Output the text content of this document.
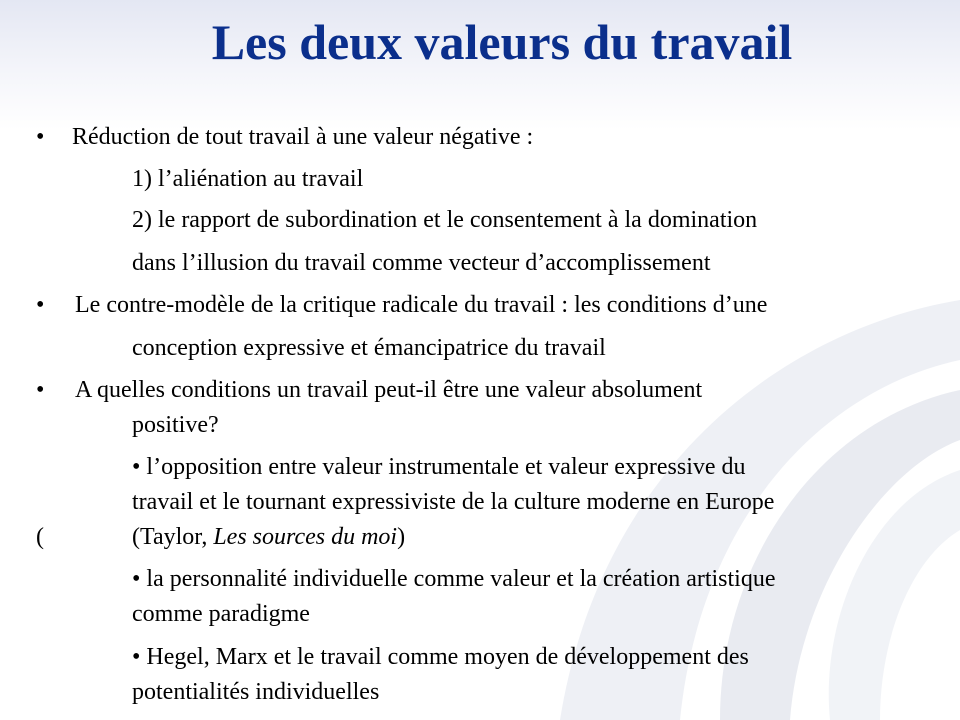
Les deux valeurs du travail
• Réduction de tout travail à une valeur négative :
1) l’aliénation au travail
2) le rapport de subordination et le consentement à la domination
dans l’illusion du travail comme vecteur d’accomplissement
• Le contre-modèle de la critique radicale du travail : les conditions d’une
conception expressive et émancipatrice du travail
• A quelles conditions un travail peut-il être une valeur absolument
positive?
• l’opposition entre valeur instrumentale et valeur expressive du
travail et le tournant expressiviste de la culture moderne en Europe
(	(Taylor, Les sources du moi)
• la personnalité individuelle comme valeur et la création artistique
comme paradigme
• Hegel, Marx et le travail comme moyen de développement des
potentialités individuelles
